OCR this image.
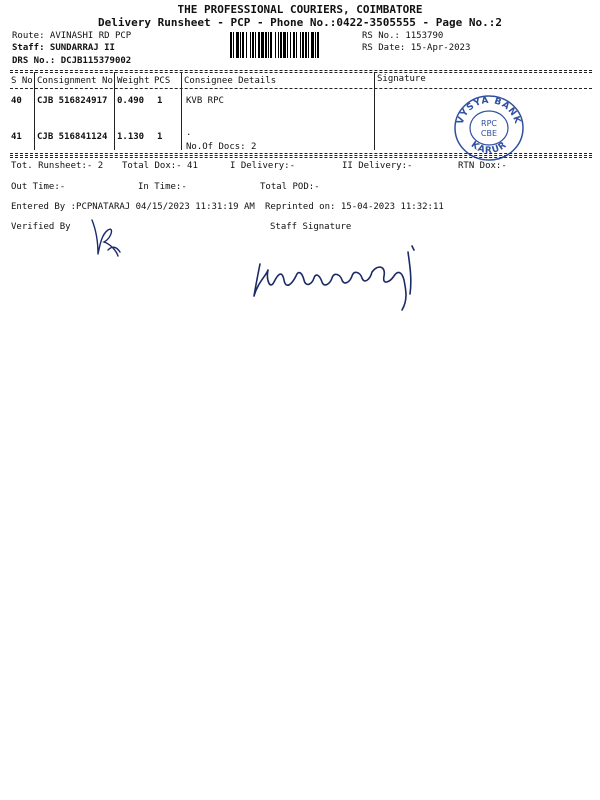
THE PROFESSIONAL COURIERS, COIMBATORE
Delivery Runsheet - PCP - Phone No.:0422-3505555 - Page No.:2
Route: AVINASHI RD PCP
Staff: SUNDARRAJ II
DRS No.: DCJB115379002
RS No.: 1153790
RS Date: 15-Apr-2023
S No Consignment No Weight PCS Consignee Details	Signature
40 CJB 516824917 0.490 1	KVB RPC
41 CJB 516841124 1.130 1	.
No.Of Docs: 2
VYSYA BANK
KARUR
RPC
CBE
Tot. Runsheet:- 2 Total Dox:- 41	I Delivery:-	II Delivery:-	RTN Dox:-
Out Time:-	In Time:-	Total POD:-
Entered By :PCPNATARAJ 04/15/2023 11:31:19 AM Reprinted on: 15-04-2023 11:32:11
Verified By	Staff Signature
